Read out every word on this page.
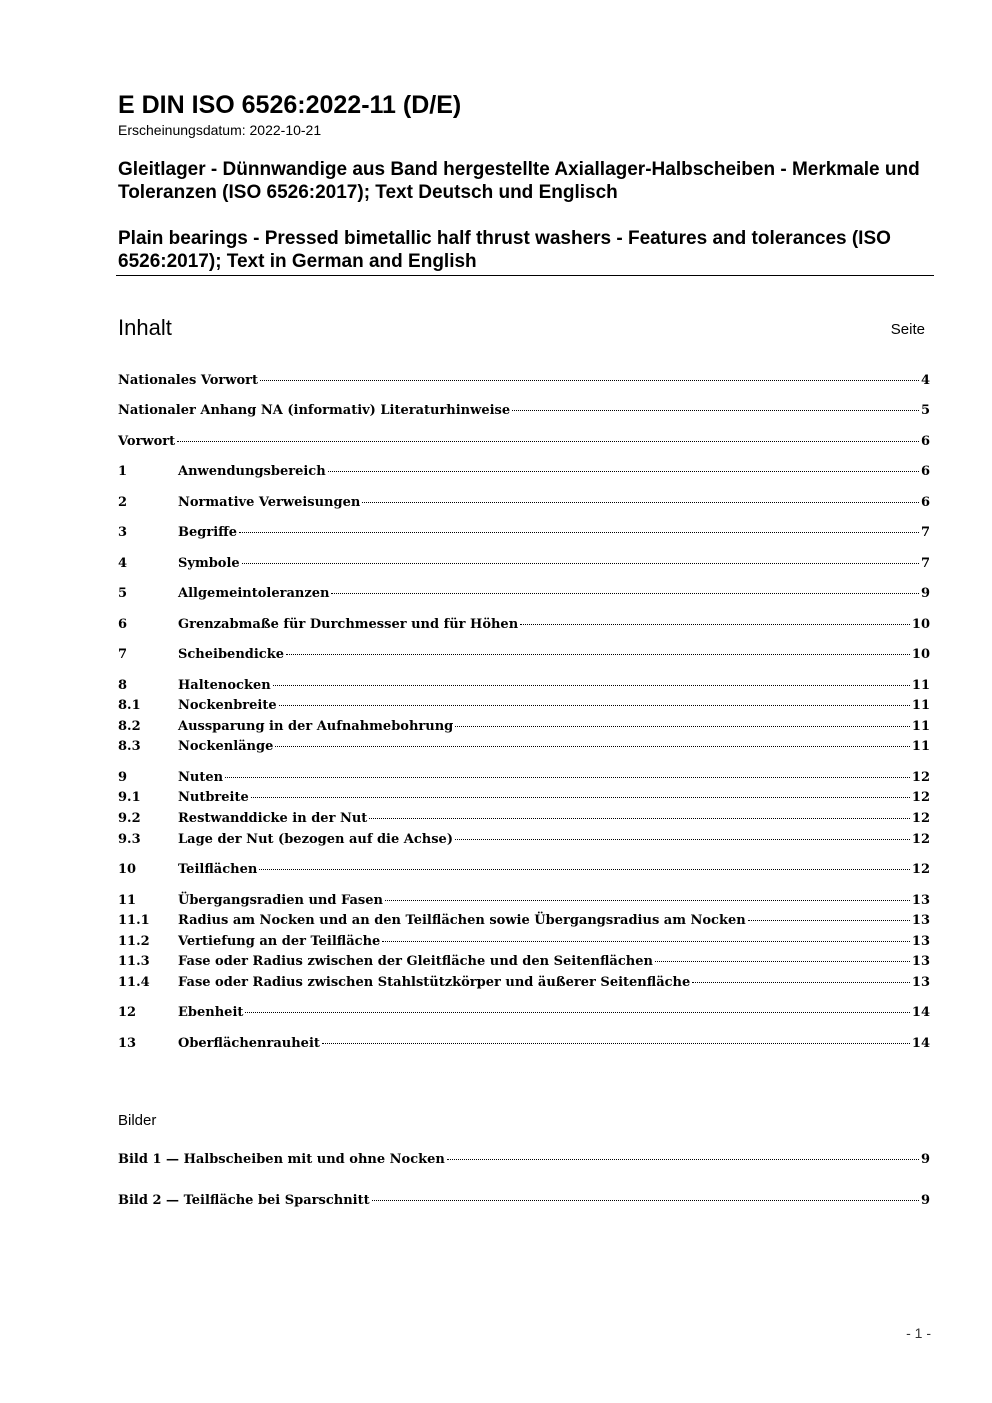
E DIN ISO 6526:2022-11 (D/E)
Erscheinungsdatum: 2022-10-21
Gleitlager - Dünnwandige aus Band hergestellte Axiallager-Halbscheiben - Merkmale und Toleranzen (ISO 6526:2017); Text Deutsch und Englisch
Plain bearings - Pressed bimetallic half thrust washers - Features and tolerances (ISO 6526:2017); Text in German and English
Inhalt	Seite
Nationales Vorwort	4
Nationaler Anhang NA (informativ) Literaturhinweise	5
Vorwort	6
1	Anwendungsbereich	6
2	Normative Verweisungen	6
3	Begriffe	7
4	Symbole	7
5	Allgemeintoleranzen	9
6	Grenzabmaße für Durchmesser und für Höhen	10
7	Scheibendicke	10
8	Haltenocken	11
8.1	Nockenbreite	11
8.2	Aussparung in der Aufnahmebohrung	11
8.3	Nockenlänge	11
9	Nuten	12
9.1	Nutbreite	12
9.2	Restwanddicke in der Nut	12
9.3	Lage der Nut (bezogen auf die Achse)	12
10	Teilflächen	12
11	Übergangsradien und Fasen	13
11.1	Radius am Nocken und an den Teilflächen sowie Übergangsradius am Nocken	13
11.2	Vertiefung an der Teilfläche	13
11.3	Fase oder Radius zwischen der Gleitfläche und den Seitenflächen	13
11.4	Fase oder Radius zwischen Stahlstützkörper und äußerer Seitenfläche	13
12	Ebenheit	14
13	Oberflächenrauheit	14
Bilder
Bild 1 — Halbscheiben mit und ohne Nocken	9
Bild 2 — Teilfläche bei Sparschnitt	9
- 1 -
